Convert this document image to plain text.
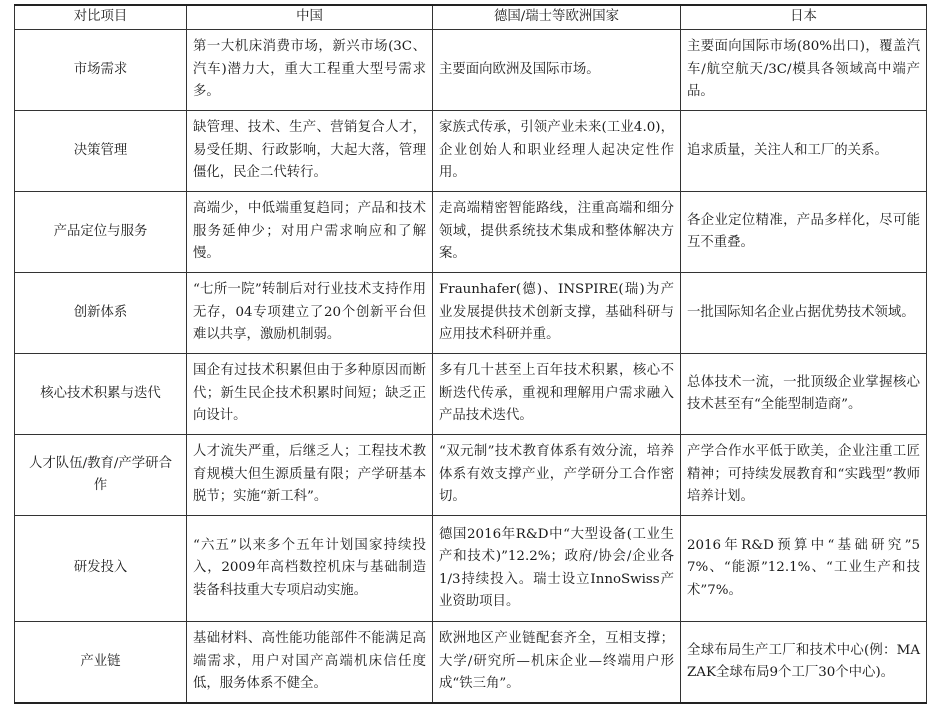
对比项目	中国	德国/瑞士等欧洲国家	日本
市场需求	第一大机床消费市场，新兴市场(3C、汽车)潜力大，重大工程重大型号需求多。	主要面向欧洲及国际市场。	主要面向国际市场(80%出口)，覆盖汽车/航空航天/3C/模具各领域高中端产品。
决策管理	缺管理、技术、生产、营销复合人才，易受任期、行政影响，大起大落，管理僵化，民企二代转行。	家族式传承，引领产业未来(工业4.0)，企业创始人和职业经理人起决定性作用。	追求质量，关注人和工厂的关系。
产品定位与服务	高端少，中低端重复趋同；产品和技术服务延伸少；对用户需求响应和了解慢。	走高端精密智能路线，注重高端和细分领域，提供系统技术集成和整体解决方案。	各企业定位精准，产品多样化，尽可能互不重叠。
创新体系	“七所一院”转制后对行业技术支持作用无存，04专项建立了20个创新平台但难以共享，激励机制弱。	Fraunhafer(德)、INSPIRE(瑞)为产业发展提供技术创新支撑，基础科研与应用技术科研并重。	一批国际知名企业占据优势技术领域。
核心技术积累与迭代	国企有过技术积累但由于多种原因而断代；新生民企技术积累时间短；缺乏正向设计。	多有几十甚至上百年技术积累，核心不断迭代传承，重视和理解用户需求融入产品技术迭代。	总体技术一流，一批顶级企业掌握核心技术甚至有“全能型制造商”。
人才队伍/教育/产学研合作	人才流失严重，后继乏人；工程技术教育规模大但生源质量有限；产学研基本脱节；实施“新工科”。	“双元制”技术教育体系有效分流，培养体系有效支撑产业，产学研分工合作密切。	产学合作水平低于欧美，企业注重工匠精神；可持续发展教育和“实践型”教师培养计划。
研发投入	“六五”以来多个五年计划国家持续投入，2009年高档数控机床与基础制造装备科技重大专项启动实施。	德国2016年R&D中“大型设备(工业生产和技术)”12.2%；政府/协会/企业各1/3持续投入。瑞士设立InnoSwiss产业资助项目。	2016年R&D预算中“基础研究”57%、“能源”12.1%、“工业生产和技术”7%。
产业链	基础材料、高性能功能部件不能满足高端需求，用户对国产高端机床信任度低，服务体系不健全。	欧洲地区产业链配套齐全，互相支撑；大学/研究所—机床企业—终端用户形成“铁三角”。	全球布局生产工厂和技术中心(例：MAZAK全球布局9个工厂30个中心)。
